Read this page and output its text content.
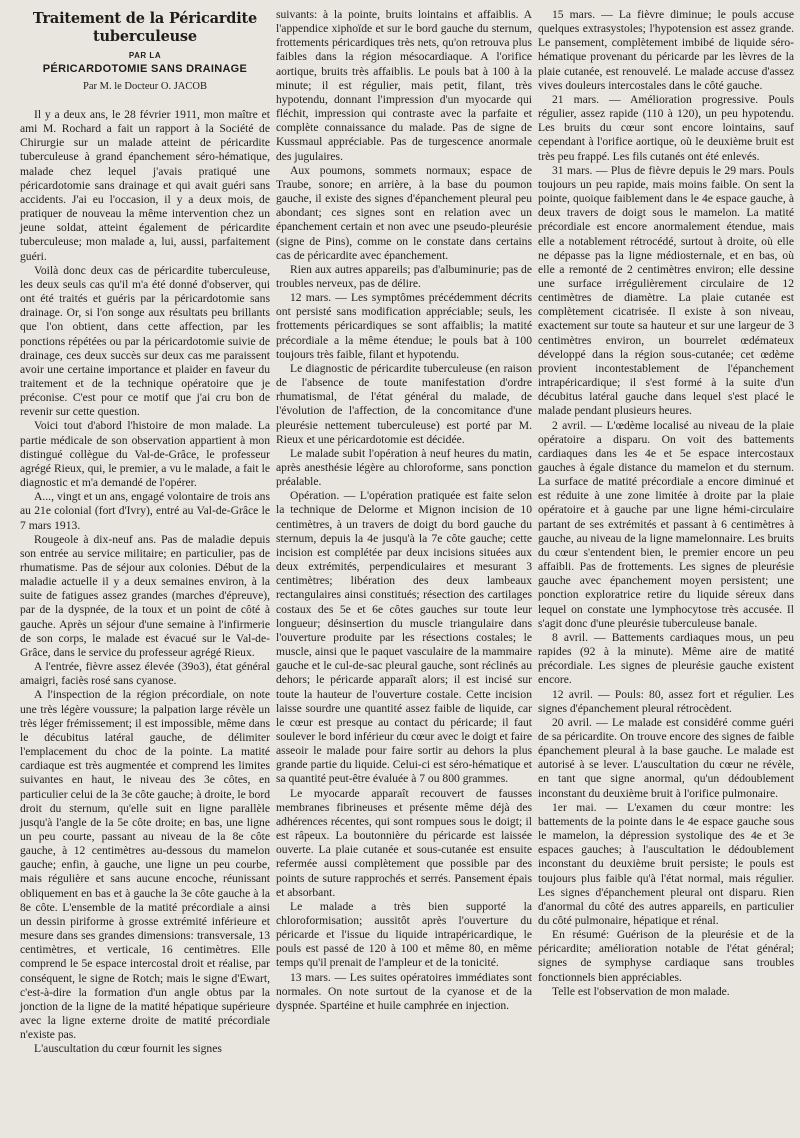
Traitement de la Péricardite tuberculeuse
PAR LA
PÉRICARDOTOMIE SANS DRAINAGE
Par M. le Docteur O. JACOB

Il y a deux ans, le 28 février 1911, mon maître et ami M. Rochard a fait un rapport à la Société de Chirurgie sur un malade atteint de péricardite tuberculeuse à grand épanchement séro-hématique, malade chez lequel j'avais pratiqué une péricardotomie sans drainage et qui avait guéri sans accidents. J'ai eu l'occasion, il y a deux mois, de pratiquer de nouveau la même intervention chez un jeune soldat, atteint également de péricardite tuberculeuse; mon malade a, lui, aussi, parfaitement guéri.

Voilà donc deux cas de péricardite tuberculeuse, les deux seuls cas qu'il m'a été donné d'observer, qui ont été traités et guéris par la péricardotomie sans drainage. Or, si l'on songe aux résultats peu brillants que l'on obtient, dans cette affection, par les ponctions répétées ou par la péricardotomie suivie de drainage, ces deux succès sur deux cas me paraissent avoir une certaine importance et plaider en faveur du traitement et de la technique opératoire que je préconise. C'est pour ce motif que j'ai cru bon de revenir sur cette question.

Voici tout d'abord l'histoire de mon malade. La partie médicale de son observation appartient à mon distingué collègue du Val-de-Grâce, le professeur agrégé Rieux, qui, le premier, a vu le malade, a fait le diagnostic et m'a demandé de l'opérer.

A..., vingt et un ans, engagé volontaire de trois ans au 21e colonial (fort d'Ivry), entré au Val-de-Grâce le 7 mars 1913.

Rougeole à dix-neuf ans. Pas de maladie depuis son entrée au service militaire; en particulier, pas de rhumatisme. Pas de séjour aux colonies. Début de la maladie actuelle il y a deux semaines environ, à la suite de fatigues assez grandes (marches d'épreuve), par de la dyspnée, de la toux et un point de côté à gauche. Après un séjour d'une semaine à l'infirmerie de son corps, le malade est évacué sur le Val-de-Grâce, dans le service du professeur agrégé Rieux.

A l'entrée, fièvre assez élevée (39o3), état général amaigri, faciès rosé sans cyanose.

A l'inspection de la région précordiale, on note une très légère voussure; la palpation large révèle un très léger frémissement; il est impossible, même dans le décubitus latéral gauche, de délimiter l'emplacement du choc de la pointe. La matité cardiaque est très augmentée et comprend les limites suivantes en haut, le niveau des 3e côtes, en particulier celui de la 3e côte gauche; à droite, le bord droit du sternum, qu'elle suit en ligne parallèle jusqu'à l'angle de la 5e côte droite; en bas, une ligne un peu courte, passant au niveau de la 8e côte gauche, à 12 centimètres au-dessous du mamelon gauche; enfin, à gauche, une ligne un peu courbe, mais régulière et sans aucune encoche, réunissant obliquement en bas et à gauche la 3e côte gauche à la 8e côte. L'ensemble de la matité précordiale a ainsi un dessin piriforme à grosse extrémité inférieure et mesure dans ses grandes dimensions: transversale, 13 centimètres, et verticale, 16 centimètres. Elle comprend le 5e espace intercostal droit et réalise, par conséquent, le signe de Rotch; mais le signe d'Ewart, c'est-à-dire la formation d'un angle obtus par la jonction de la ligne de la matité hépatique supérieure avec la ligne externe droite de matité précordiale n'existe pas.

L'auscultation du cœur fournit les signes

suivants: à la pointe, bruits lointains et affaiblis. A l'appendice xiphoïde et sur le bord gauche du sternum, frottements péricardiques très nets, qu'on retrouva plus faibles dans la région mésocardiaque. A l'orifice aortique, bruits très affaiblis. Le pouls bat à 100 à la minute; il est régulier, mais petit, filant, très hypotendu, donnant l'impression d'un myocarde qui fléchit, impression qui contraste avec la parfaite et complète connaissance du malade. Pas de signe de Kussmaul appréciable. Pas de turgescence anormale des jugulaires.

Aux poumons, sommets normaux; espace de Traube, sonore; en arrière, à la base du poumon gauche, il existe des signes d'épanchement pleural peu abondant; ces signes sont en relation avec un épanchement certain et non avec une pseudo-pleurésie (signe de Pins), comme on le constate dans certains cas de péricardite avec épanchement.

Rien aux autres appareils; pas d'albuminurie; pas de troubles nerveux, pas de délire.

12 mars. — Les symptômes précédemment décrits ont persisté sans modification appréciable; seuls, les frottements péricardiques se sont affaiblis; la matité précordiale a la même étendue; le pouls bat à 100 toujours très faible, filant et hypotendu.

Le diagnostic de péricardite tuberculeuse (en raison de l'absence de toute manifestation d'ordre rhumatismal, de l'état général du malade, de l'évolution de l'affection, de la concomitance d'une pleurésie nettement tuberculeuse) est porté par M. Rieux et une péricardotomie est décidée.

Le malade subit l'opération à neuf heures du matin, après anesthésie légère au chloroforme, sans ponction préalable.

Opération. — L'opération pratiquée est faite selon la technique de Delorme et Mignon incision de 10 centimètres, à un travers de doigt du bord gauche du sternum, depuis la 4e jusqu'à la 7e côte gauche; cette incision est complétée par deux incisions situées aux deux extrémités, perpendiculaires et mesurant 3 centimètres; libération des deux lambeaux rectangulaires ainsi constitués; résection des cartilages costaux des 5e et 6e côtes gauches sur toute leur longueur; désinsertion du muscle triangulaire dans l'ouverture produite par les résections costales; le muscle, ainsi que le paquet vasculaire de la mammaire gauche et le cul-de-sac pleural gauche, sont réclinés au dehors; le péricarde apparaît alors; il est incisé sur toute la hauteur de l'ouverture costale. Cette incision laisse sourdre une quantité assez faible de liquide, car le cœur est presque au contact du péricarde; il faut soulever le bord inférieur du cœur avec le doigt et faire asseoir le malade pour faire sortir au dehors la plus grande partie du liquide. Celui-ci est séro-hématique et sa quantité peut-être évaluée à 7 ou 800 grammes.

Le myocarde apparaît recouvert de fausses membranes fibrineuses et présente même déjà des adhérences récentes, qui sont rompues sous le doigt; il est râpeux. La boutonnière du péricarde est laissée ouverte. La plaie cutanée et sous-cutanée est ensuite refermée aussi complètement que possible par des points de suture rapprochés et serrés. Pansement épais et absorbant.

Le malade a très bien supporté la chloroformisation; aussitôt après l'ouverture du péricarde et l'issue du liquide intrapéricardique, le pouls est passé de 120 à 100 et même 80, en même temps qu'il prenait de l'ampleur et de la tonicité.

13 mars. — Les suites opératoires immédiates sont normales. On note surtout de la cyanose et de la dyspnée. Spartéine et huile camphrée en injection.

15 mars. — La fièvre diminue; le pouls accuse quelques extrasystoles; l'hypotension est assez grande. Le pansement, complètement imbibé de liquide séro-hématique provenant du péricarde par les lèvres de la plaie cutanée, est renouvelé. Le malade accuse d'assez vives douleurs intercostales dans le côté gauche.

21 mars. — Amélioration progressive. Pouls régulier, assez rapide (110 à 120), un peu hypotendu. Les bruits du cœur sont encore lointains, sauf cependant à l'orifice aortique, où le deuxième bruit est très peu frappé. Les fils cutanés ont été enlevés.

31 mars. — Plus de fièvre depuis le 29 mars. Pouls toujours un peu rapide, mais moins faible. On sent la pointe, quoique faiblement dans le 4e espace gauche, à deux travers de doigt sous le mamelon. La matité précordiale est encore anormalement étendue, mais elle a notablement rétrocédé, surtout à droite, où elle ne dépasse pas la ligne médiosternale, et en bas, où elle a remonté de 2 centimètres environ; elle dessine une surface irrégulièrement circulaire de 12 centimètres de diamètre. La plaie cutanée est complètement cicatrisée. Il existe à son niveau, exactement sur toute sa hauteur et sur une largeur de 3 centimètres environ, un bourrelet œdémateux développé dans la région sous-cutanée; cet œdème provient incontestablement de l'épanchement intrapéricardique; il s'est formé à la suite d'un décubitus latéral gauche dans lequel s'est placé le malade pendant plusieurs heures.

2 avril. — L'œdème localisé au niveau de la plaie opératoire a disparu. On voit des battements cardiaques dans les 4e et 5e espace intercostaux gauches à égale distance du mamelon et du sternum. La surface de matité précordiale a encore diminué et est réduite à une zone limitée à droite par la plaie opératoire et à gauche par une ligne hémi-circulaire partant de ses extrémités et passant à 6 centimètres à gauche, au niveau de la ligne mamelonnaire. Les bruits du cœur s'entendent bien, le premier encore un peu affaibli. Pas de frottements. Les signes de pleurésie gauche avec épanchement moyen persistent; une ponction exploratrice retire du liquide séreux dans lequel on constate une lymphocytose très accusée. Il s'agit donc d'une pleurésie tuberculeuse banale.

8 avril. — Battements cardiaques mous, un peu rapides (92 à la minute). Même aire de matité précordiale. Les signes de pleurésie gauche existent encore.

12 avril. — Pouls: 80, assez fort et régulier. Les signes d'épanchement pleural rétrocèdent.

20 avril. — Le malade est considéré comme guéri de sa péricardite. On trouve encore des signes de faible épanchement pleural à la base gauche. Le malade est autorisé à se lever. L'auscultation du cœur ne révèle, en tant que signe anormal, qu'un dédoublement inconstant du deuxième bruit à l'orifice pulmonaire.

1er mai. — L'examen du cœur montre: les battements de la pointe dans le 4e espace gauche sous le mamelon, la dépression systolique des 4e et 3e espaces gauches; à l'auscultation le dédoublement inconstant du deuxième bruit persiste; le pouls est toujours plus faible qu'à l'état normal, mais régulier. Les signes d'épanchement pleural ont disparu. Rien d'anormal du côté des autres appareils, en particulier du côté pulmonaire, hépatique et rénal.

En résumé: Guérison de la pleurésie et de la péricardite; amélioration notable de l'état général; signes de symphyse cardiaque sans troubles fonctionnels bien appréciables.

Telle est l'observation de mon malade.
